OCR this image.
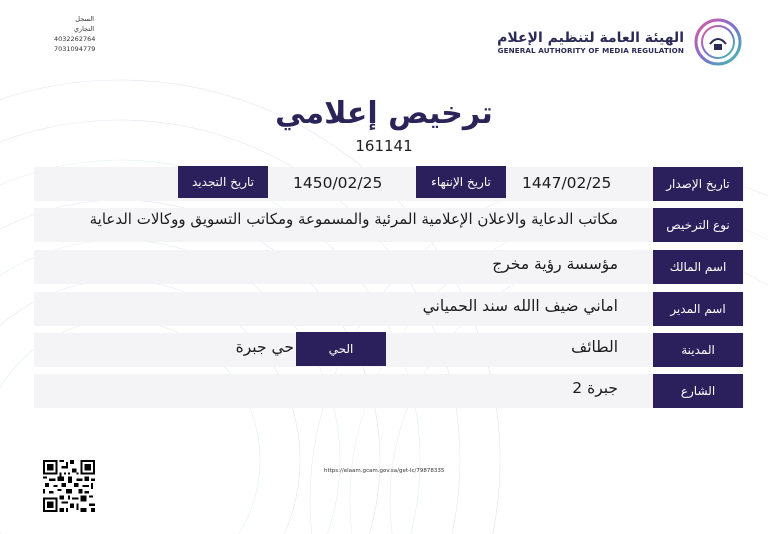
السجل التجاري
4032262764
7031094779
الهيئة العامة لتنظيم الإعلام
GENERAL AUTHORITY OF MEDIA REGULATION
ترخيص إعلامي
161141
تاريخ الإصدار
1447/02/25
تاريخ الإنتهاء
1450/02/25
تاريخ التجديد
نوع الترخيص
مكاتب الدعاية والاعلان الإعلامية المرئية والمسموعة ومكاتب التسويق ووكالات الدعاية
اسم المالك
مؤسسة رؤية مخرج
اسم المدير
اماني ضيف االله سند الحمياني
المدينة
الطائف
الحي
حي جبرة
الشارع
جبرة 2
https://elaam.gcam.gov.sa/get-lc/79878335
